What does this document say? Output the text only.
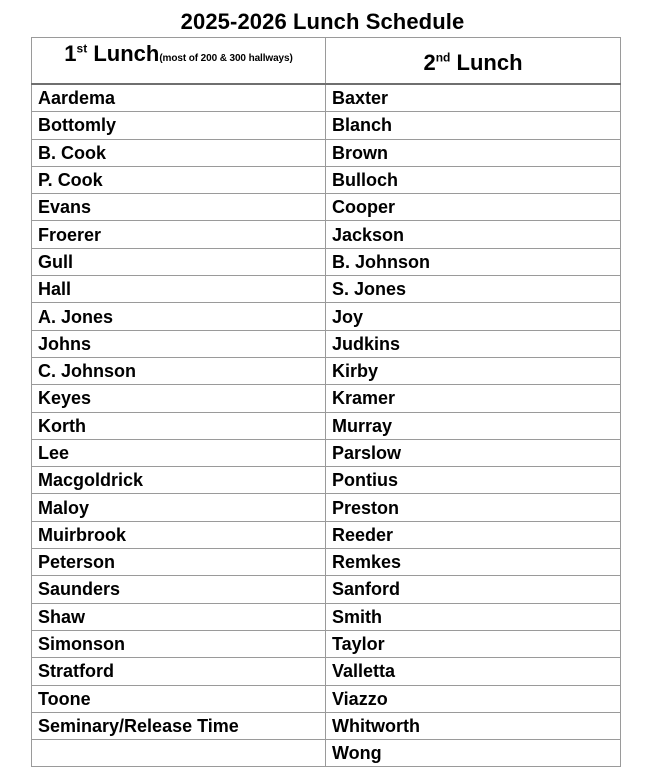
2025-2026 Lunch Schedule
1st Lunch(most of 200 & 300 hallways)	2nd Lunch
Aardema	Baxter
Bottomly	Blanch
B. Cook	Brown
P. Cook	Bulloch
Evans	Cooper
Froerer	Jackson
Gull	B. Johnson
Hall	S. Jones
A. Jones	Joy
Johns	Judkins
C. Johnson	Kirby
Keyes	Kramer
Korth	Murray
Lee	Parslow
Macgoldrick	Pontius
Maloy	Preston
Muirbrook	Reeder
Peterson	Remkes
Saunders	Sanford
Shaw	Smith
Simonson	Taylor
Stratford	Valletta
Toone	Viazzo
Seminary/Release Time	Whitworth
	Wong
